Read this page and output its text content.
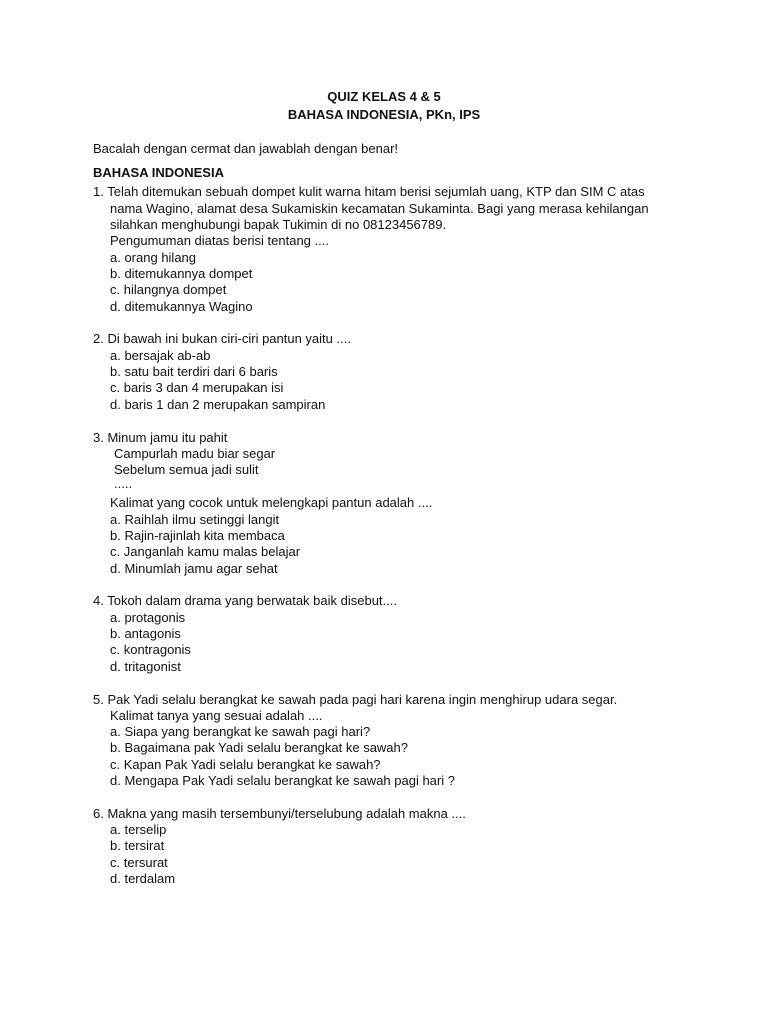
QUIZ KELAS 4 & 5
BAHASA INDONESIA, PKn, IPS
Bacalah dengan cermat dan jawablah dengan benar!
BAHASA INDONESIA
1. Telah ditemukan sebuah dompet kulit warna hitam berisi sejumlah uang, KTP dan SIM C atas
nama Wagino, alamat desa Sukamiskin kecamatan Sukaminta. Bagi yang merasa kehilangan
silahkan menghubungi bapak Tukimin di no 08123456789.
Pengumuman diatas berisi tentang ....
a. orang hilang
b. ditemukannya dompet
c. hilangnya dompet
d. ditemukannya Wagino
2. Di bawah ini bukan ciri-ciri pantun yaitu ....
a. bersajak ab-ab
b. satu bait terdiri dari 6 baris
c. baris 3 dan 4 merupakan isi
d. baris 1 dan 2 merupakan sampiran
3. Minum jamu itu pahit
Campurlah madu biar segar
Sebelum semua jadi sulit
.....
Kalimat yang cocok untuk melengkapi pantun adalah ....
a. Raihlah ilmu setinggi langit
b. Rajin-rajinlah kita membaca
c. Janganlah kamu malas belajar
d. Minumlah jamu agar sehat
4. Tokoh dalam drama yang berwatak baik disebut....
a. protagonis
b. antagonis
c. kontragonis
d. tritagonist
5. Pak Yadi selalu berangkat ke sawah pada pagi hari karena ingin menghirup udara segar.
Kalimat tanya yang sesuai adalah ....
a. Siapa yang berangkat ke sawah pagi hari?
b. Bagaimana pak Yadi selalu berangkat ke sawah?
c. Kapan Pak Yadi selalu berangkat ke sawah?
d. Mengapa Pak Yadi selalu berangkat ke sawah pagi hari ?
6. Makna yang masih tersembunyi/terselubung adalah makna ....
a. terselip
b. tersirat
c. tersurat
d. terdalam
